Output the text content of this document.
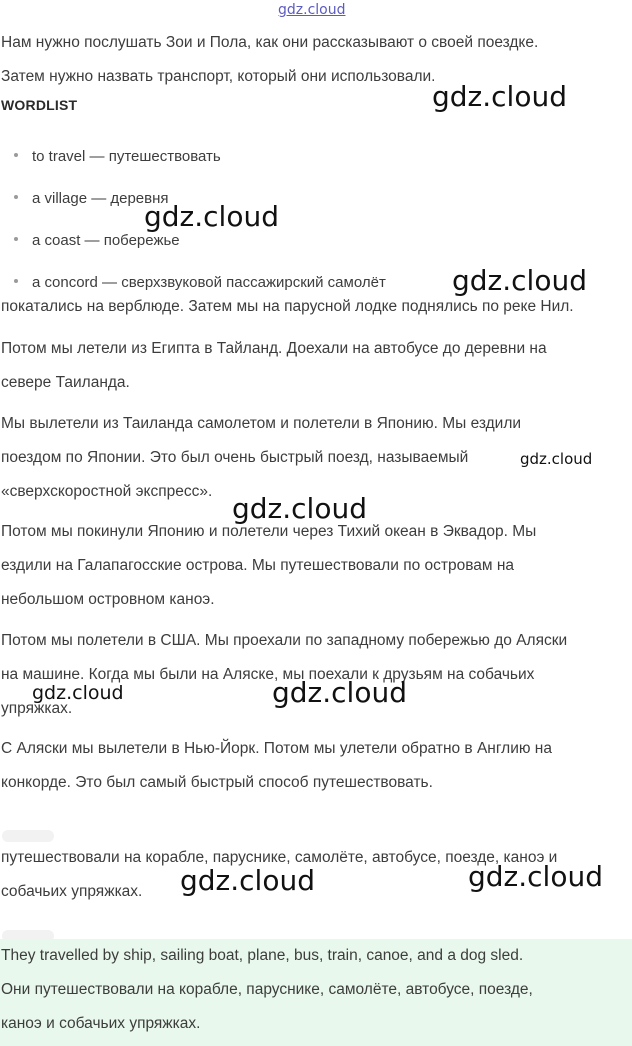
gdz.cloud
Нам нужно послушать Зои и Пола, как они рассказывают о своей поездке.
Затем нужно назвать транспорт, который они использовали.
WORDLIST
to travel — путешествовать
a village — деревня
a coast — побережье
a concord — сверхзвуковой пассажирский самолёт
покатались на верблюде. Затем мы на парусной лодке поднялись по реке Нил.
Потом мы летели из Египта в Тайланд. Доехали на автобусе до деревни на
севере Таиланда.
Мы вылетели из Таиланда самолетом и полетели в Японию. Мы ездили
поездом по Японии. Это был очень быстрый поезд, называемый
«сверхскоростной экспресс».
Потом мы покинули Японию и полетели через Тихий океан в Эквадор. Мы
ездили на Галапагосские острова. Мы путешествовали по островам на
небольшом островном каноэ.
Потом мы полетели в США. Мы проехали по западному побережью до Аляски
на машине. Когда мы были на Аляске, мы поехали к друзьям на собачьих
упряжках.
С Аляски мы вылетели в Нью-Йорк. Потом мы улетели обратно в Англию на
конкорде. Это был самый быстрый способ путешествовать.
путешествовали на корабле, паруснике, самолёте, автобусе, поезде, каноэ и
собачьих упряжках.
They travelled by ship, sailing boat, plane, bus, train, canoe, and a dog sled.
Они путешествовали на корабле, паруснике, самолёте, автобусе, поезде,
каноэ и собачьих упряжках.
gdz.cloud
gdz.cloud
gdz.cloud
gdz.cloud
gdz.cloud
gdz.cloud
gdz.cloud
gdz.cloud	gdz.cloud
